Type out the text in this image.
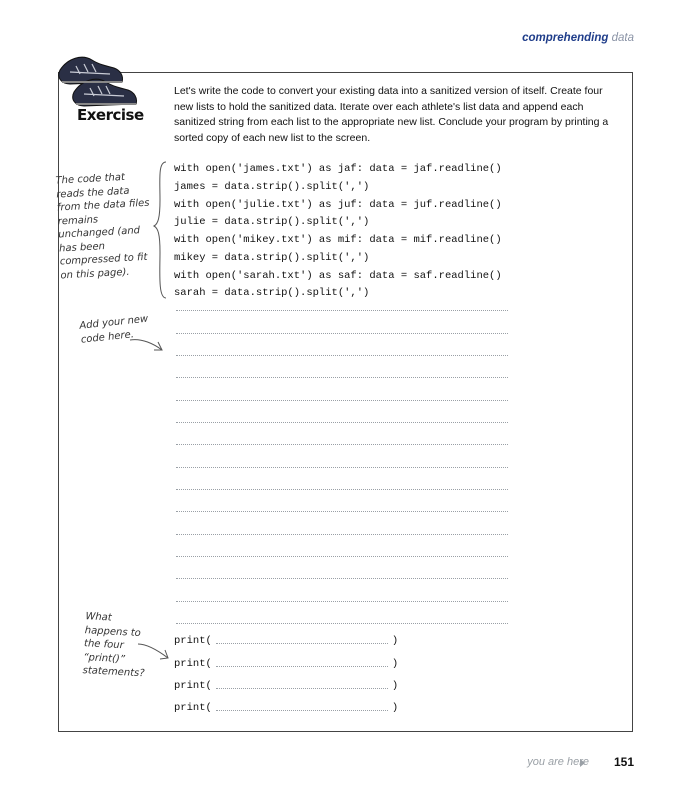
comprehending data
Exercise
Let's write the code to convert your existing data into a sanitized version of itself. Create four new lists to hold the sanitized data. Iterate over each athlete's list data and append each sanitized string from each list to the appropriate new list. Conclude your program by printing a sorted copy of each new list to the screen.
with open('james.txt') as jaf: data = jaf.readline()
james = data.strip().split(',')
with open('julie.txt') as juf: data = juf.readline()
julie = data.strip().split(',')
with open('mikey.txt') as mif: data = mif.readline()
mikey = data.strip().split(',')
with open('sarah.txt') as saf: data = saf.readline()
sarah = data.strip().split(',')
print(	)
print(	)
print(	)
print(	)
The code that reads the data from the data files remains unchanged (and has been compressed to fit on this page).
Add your new code here.
What happens to the four “print()” statements?
you are here 151
